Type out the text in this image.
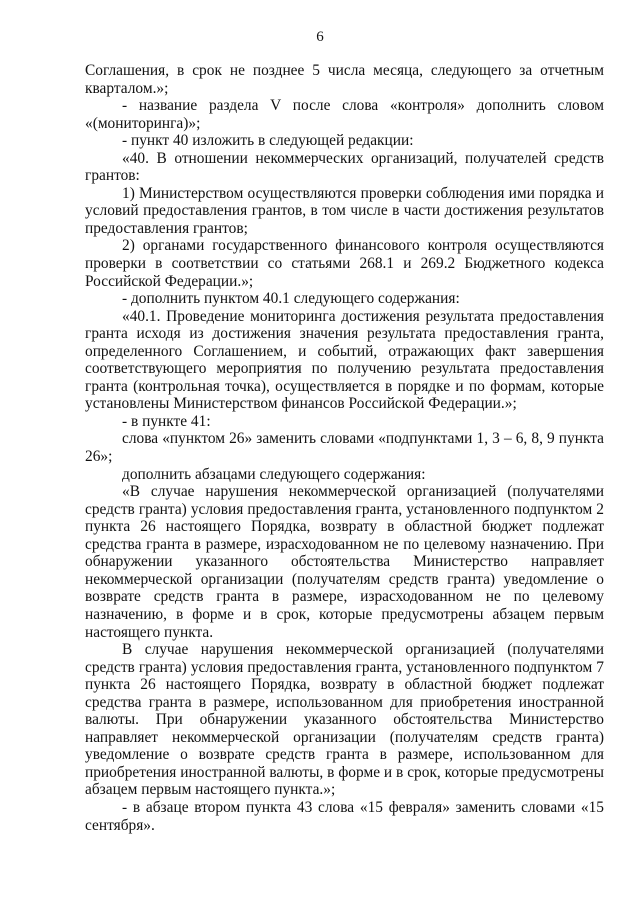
6

Соглашения, в срок не позднее 5 числа месяца, следующего за отчетным кварталом.»;

- название раздела V после слова «контроля» дополнить словом «(мониторинга)»;

- пункт 40 изложить в следующей редакции:

«40. В отношении некоммерческих организаций, получателей средств грантов:

1) Министерством осуществляются проверки соблюдения ими порядка и условий предоставления грантов, в том числе в части достижения результатов предоставления грантов;

2) органами государственного финансового контроля осуществляются проверки в соответствии со статьями 268.1 и 269.2 Бюджетного кодекса Российской Федерации.»;

- дополнить пунктом 40.1 следующего содержания:

«40.1. Проведение мониторинга достижения результата предоставления гранта исходя из достижения значения результата предоставления гранта, определенного Соглашением, и событий, отражающих факт завершения соответствующего мероприятия по получению результата предоставления гранта (контрольная точка), осуществляется в порядке и по формам, которые установлены Министерством финансов Российской Федерации.»;

- в пункте 41:

слова «пунктом 26» заменить словами «подпунктами 1, 3 – 6, 8, 9 пункта 26»;

дополнить абзацами следующего содержания:

«В случае нарушения некоммерческой организацией (получателями средств гранта) условия предоставления гранта, установленного подпунктом 2 пункта 26 настоящего Порядка, возврату в областной бюджет подлежат средства гранта в размере, израсходованном не по целевому назначению. При обнаружении указанного обстоятельства Министерство направляет некоммерческой организации (получателям средств гранта) уведомление о возврате средств гранта в размере, израсходованном не по целевому назначению, в форме и в срок, которые предусмотрены абзацем первым настоящего пункта.

В случае нарушения некоммерческой организацией (получателями средств гранта) условия предоставления гранта, установленного подпунктом 7 пункта 26 настоящего Порядка, возврату в областной бюджет подлежат средства гранта в размере, использованном для приобретения иностранной валюты. При обнаружении указанного обстоятельства Министерство направляет некоммерческой организации (получателям средств гранта) уведомление о возврате средств гранта в размере, использованном для приобретения иностранной валюты, в форме и в срок, которые предусмотрены абзацем первым настоящего пункта.»;

- в абзаце втором пункта 43 слова «15 февраля» заменить словами «15 сентября».
